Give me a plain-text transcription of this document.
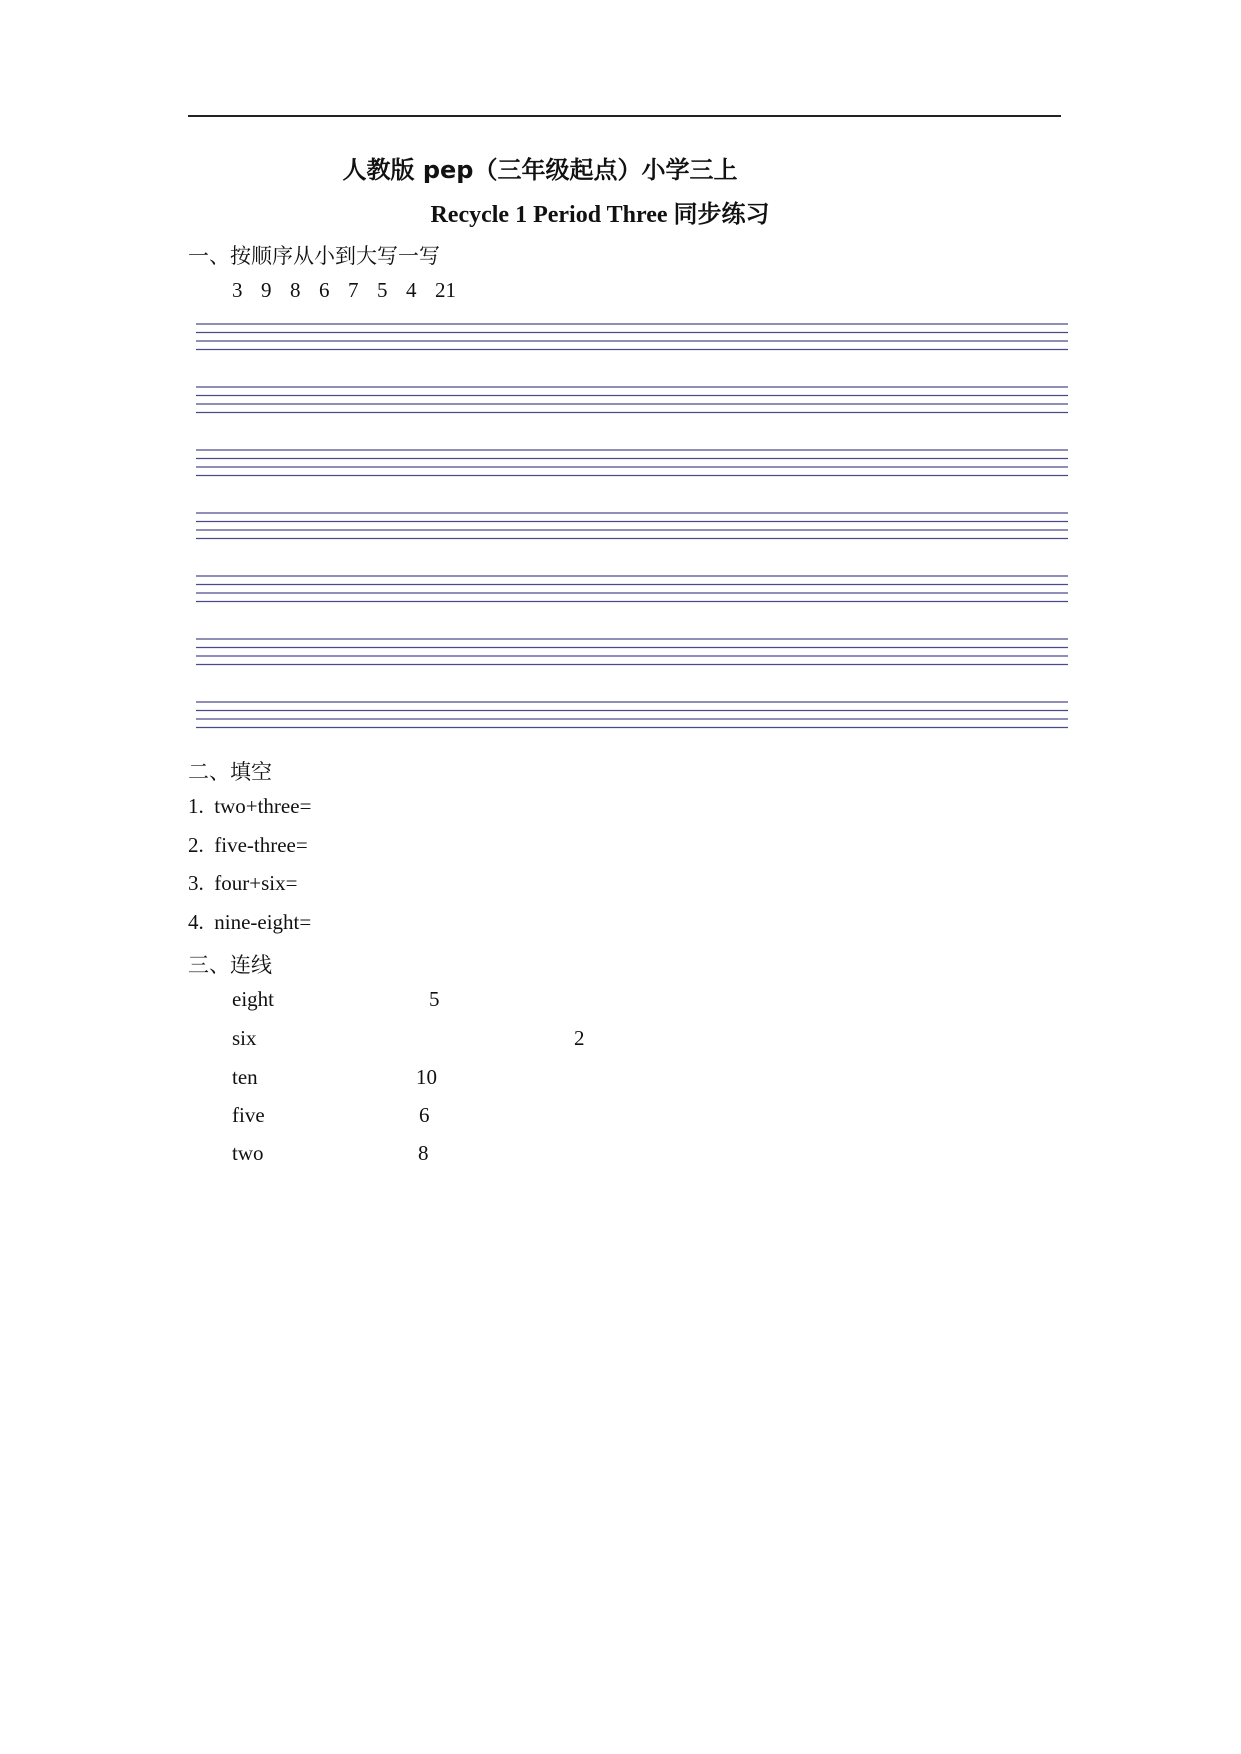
人教版 pep（三年级起点）小学三上
Recycle 1 Period Three 同步练习
一、按顺序从小到大写一写
3  9  8  6  7  5  4  21
二、填空
1. two+three=
2. five-three=
3. four+six=
4. nine-eight=
三、连线
eight
six
ten
five
two
5
2
10
6
8
